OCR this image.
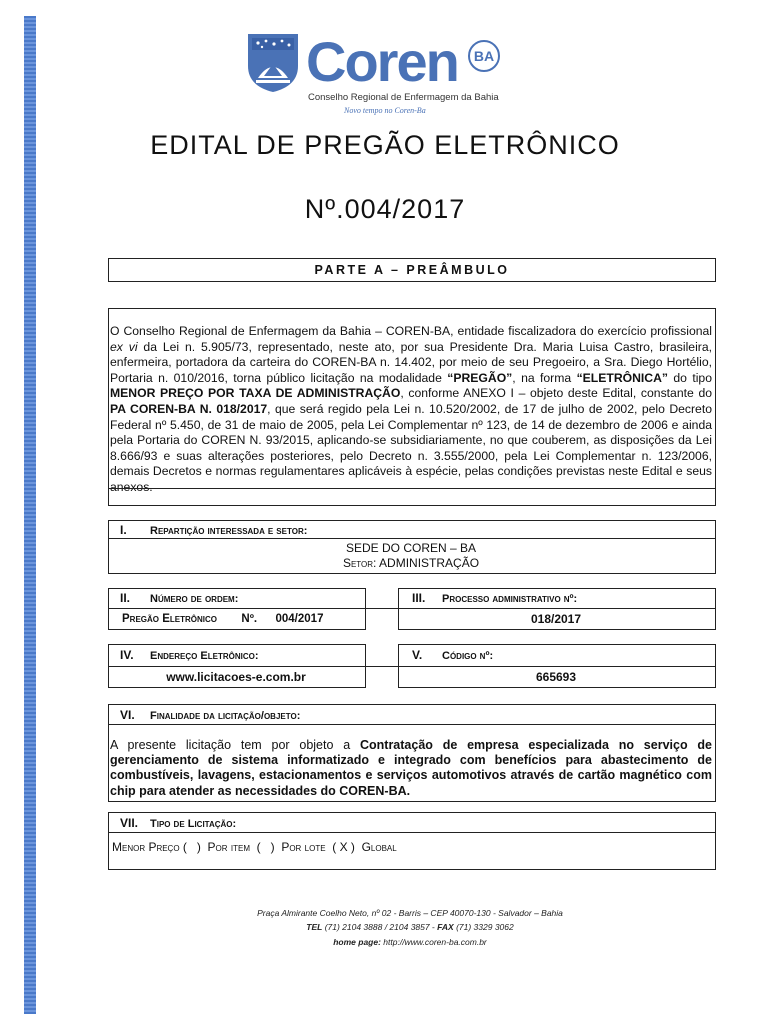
Coren	BA
Conselho Regional de Enfermagem da Bahia
Novo tempo no Coren-Ba
EDITAL DE PREGÃO ELETRÔNICO
Nº.004/2017
PARTE A – PREÂMBULO
O Conselho Regional de Enfermagem da Bahia – COREN-BA, entidade fiscalizadora do exercício profissional ex vi da Lei n. 5.905/73, representado, neste ato, por sua Presidente Dra. Maria Luisa Castro, brasileira, enfermeira, portadora da carteira do COREN-BA n. 14.402, por meio de seu Pregoeiro, a Sra. Diego Hortélio, Portaria n. 010/2016, torna público licitação na modalidade “PREGÃO”, na forma “ELETRÔNICA” do tipo MENOR PREÇO POR TAXA DE ADMINISTRAÇÃO, conforme ANEXO I – objeto deste Edital, constante do PA COREN-BA N. 018/2017, que será regido pela Lei n. 10.520/2002, de 17 de julho de 2002, pelo Decreto Federal nº 5.450, de 31 de maio de 2005, pela Lei Complementar nº 123, de 14 de dezembro de 2006 e ainda pela Portaria do COREN N. 93/2015, aplicando-se subsidiariamente, no que couberem, as disposições da Lei 8.666/93 e suas alterações posteriores, pelo Decreto n. 3.555/2000, pela Lei Complementar n. 123/2006, demais Decretos e normas regulamentares aplicáveis à espécie, pelas condições previstas neste Edital e seus anexos.
I. Repartição interessada e setor:
SEDE DO COREN – BA
Setor: ADMINISTRAÇÃO
II. Número de ordem:	III. Processo administrativo nº:
Pregão Eletrônico Nº. 004/2017	018/2017
IV. Endereço Eletrônico:	V. Código nº:
www.licitacoes-e.com.br	665693
VI. Finalidade da licitação/objeto:
A presente licitação tem por objeto a Contratação de empresa especializada no serviço de gerenciamento de sistema informatizado e integrado com benefícios para abastecimento de combustíveis, lavagens, estacionamentos e serviços automotivos através de cartão magnético com chip para atender as necessidades do COREN-BA.
VII. Tipo de Licitação:
Menor Preço (   )  Por item  (   )  Por lote  ( X )  Global
Praça Almirante Coelho Neto, nº 02 - Barris – CEP 40070-130 - Salvador – Bahia
TEL (71) 2104 3888 / 2104 3857 - FAX (71) 3329 3062
home page: http://www.coren-ba.com.br
